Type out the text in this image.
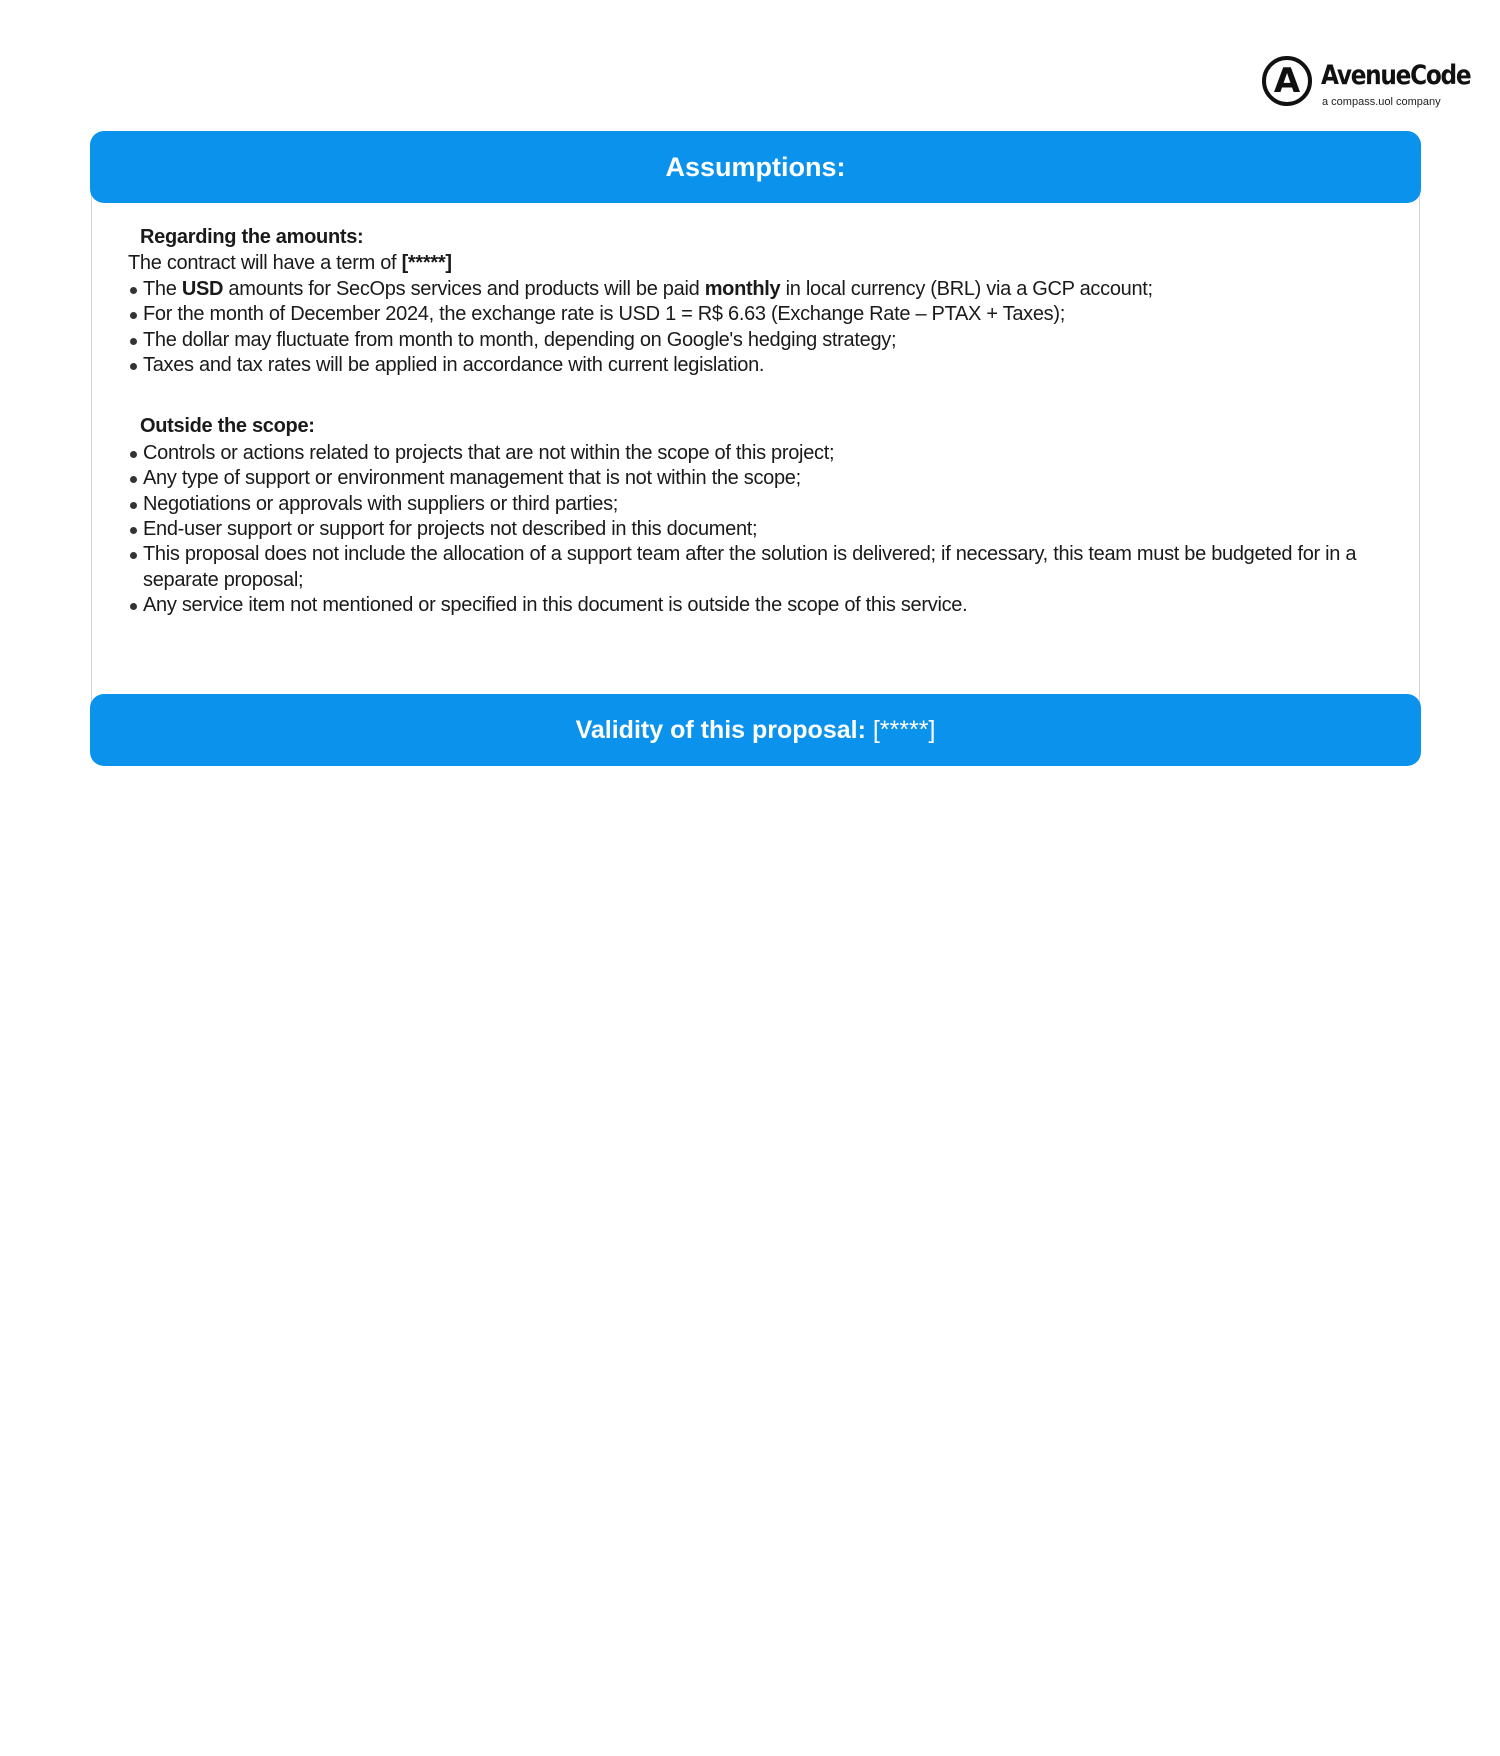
A AvenueCode
a compass.uol company
Assumptions:
Regarding the amounts:

The contract will have a term of [*****]

The USD amounts for SecOps services and products will be paid monthly in local currency (BRL) via a GCP account;
For the month of December 2024, the exchange rate is USD 1 = R$ 6.63 (Exchange Rate – PTAX + Taxes);
The dollar may fluctuate from month to month, depending on Google's hedging strategy;
Taxes and tax rates will be applied in accordance with current legislation.
Outside the scope:
Controls or actions related to projects that are not within the scope of this project;
Any type of support or environment management that is not within the scope;
Negotiations or approvals with suppliers or third parties;
End-user support or support for projects not described in this document;
This proposal does not include the allocation of a support team after the solution is delivered; if necessary, this team must be budgeted for in a separate proposal;
Any service item not mentioned or specified in this document is outside the scope of this service.
Validity of this proposal: [*****]
